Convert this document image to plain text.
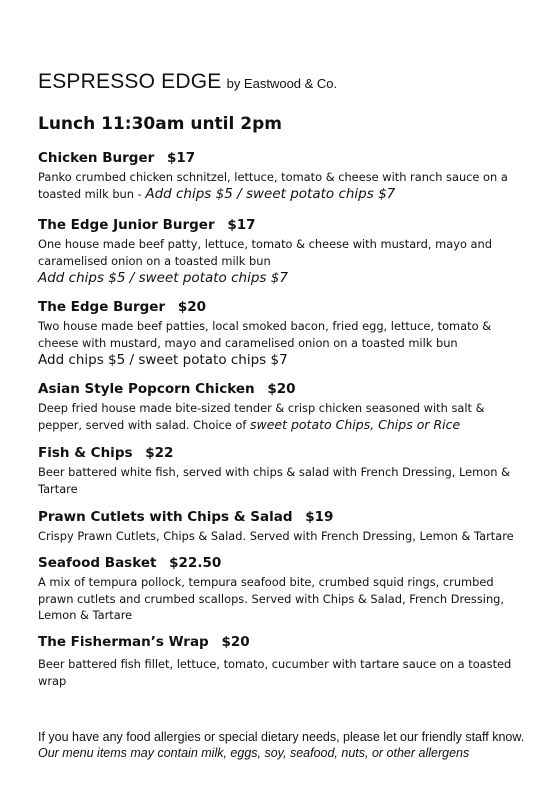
ESPRESSO EDGE by Eastwood & Co.
Lunch 11:30am until 2pm
Chicken Burger $17
Panko crumbed chicken schnitzel, lettuce, tomato & cheese with ranch sauce on a toasted milk bun - Add chips $5 / sweet potato chips $7
The Edge Junior Burger $17
One house made beef patty, lettuce, tomato & cheese with mustard, mayo and caramelised onion on a toasted milk bun
Add chips $5 / sweet potato chips $7
The Edge Burger $20
Two house made beef patties, local smoked bacon, fried egg, lettuce, tomato & cheese with mustard, mayo and caramelised onion on a toasted milk bun
Add chips $5 / sweet potato chips $7
Asian Style Popcorn Chicken $20
Deep fried house made bite-sized tender & crisp chicken seasoned with salt & pepper, served with salad. Choice of sweet potato Chips, Chips or Rice
Fish & Chips $22
Beer battered white fish, served with chips & salad with French Dressing, Lemon & Tartare
Prawn Cutlets with Chips & Salad $19
Crispy Prawn Cutlets, Chips & Salad. Served with French Dressing, Lemon & Tartare
Seafood Basket $22.50
A mix of tempura pollock, tempura seafood bite, crumbed squid rings, crumbed prawn cutlets and crumbed scallops. Served with Chips & Salad, French Dressing, Lemon & Tartare
The Fisherman’s Wrap $20
Beer battered fish fillet, lettuce, tomato, cucumber with tartare sauce on a toasted wrap
If you have any food allergies or special dietary needs, please let our friendly staff know. Our menu items may contain milk, eggs, soy, seafood, nuts, or other allergens
